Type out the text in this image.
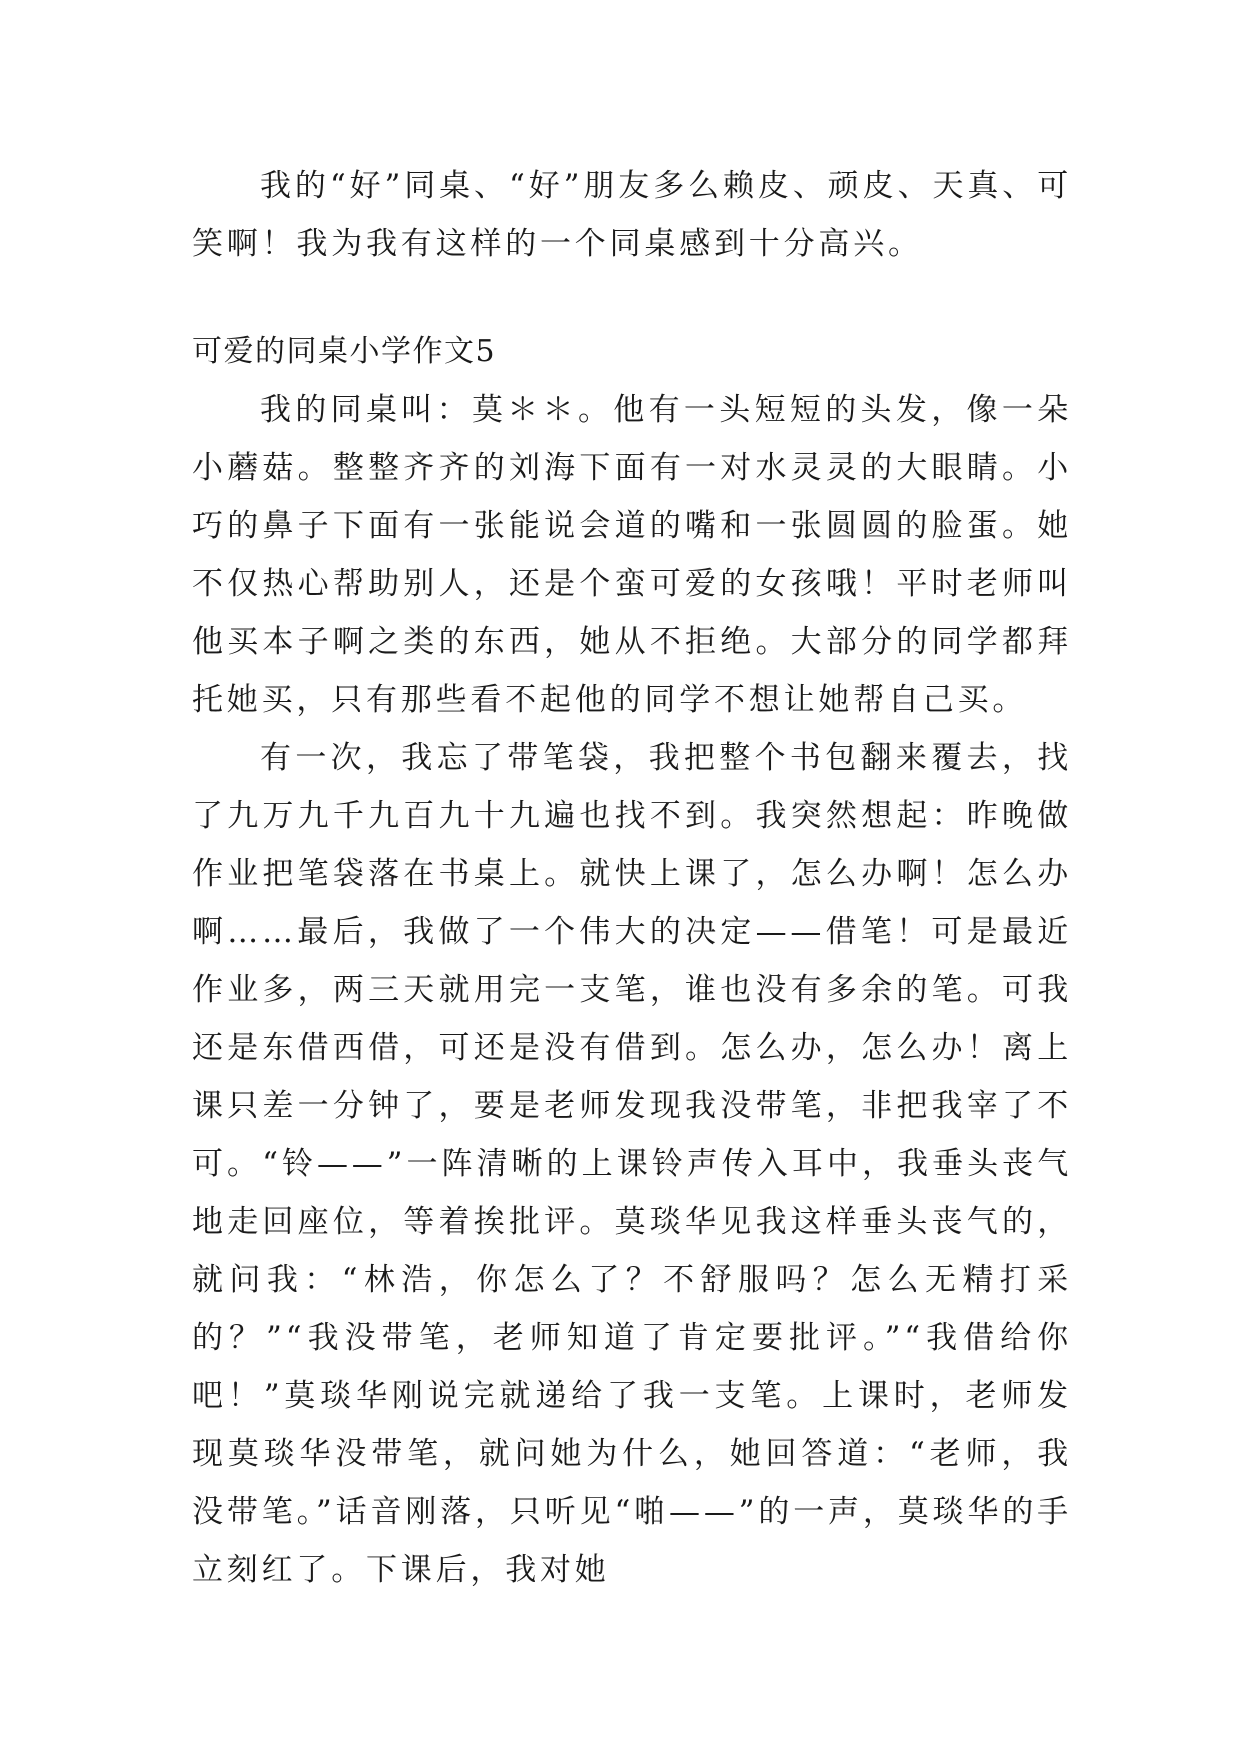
我的“好”同桌、“好”朋友多么赖皮、顽皮、天真、可笑啊！我为我有这样的一个同桌感到十分高兴。

可爱的同桌小学作文5

我的同桌叫：莫＊＊。他有一头短短的头发，像一朵小蘑菇。整整齐齐的刘海下面有一对水灵灵的大眼睛。小巧的鼻子下面有一张能说会道的嘴和一张圆圆的脸蛋。她不仅热心帮助别人，还是个蛮可爱的女孩哦！平时老师叫他买本子啊之类的东西，她从不拒绝。大部分的同学都拜托她买，只有那些看不起他的同学不想让她帮自己买。

有一次，我忘了带笔袋，我把整个书包翻来覆去，找了九万九千九百九十九遍也找不到。我突然想起：昨晚做作业把笔袋落在书桌上。就快上课了，怎么办啊！怎么办啊……最后，我做了一个伟大的决定——借笔！可是最近作业多，两三天就用完一支笔，谁也没有多余的笔。可我还是东借西借，可还是没有借到。怎么办，怎么办！离上课只差一分钟了，要是老师发现我没带笔，非把我宰了不可。“铃——”一阵清晰的上课铃声传入耳中，我垂头丧气地走回座位，等着挨批评。莫琰华见我这样垂头丧气的，就问我：“林浩，你怎么了？不舒服吗？怎么无精打采的？”“我没带笔，老师知道了肯定要批评。”“我借给你吧！”莫琰华刚说完就递给了我一支笔。上课时，老师发现莫琰华没带笔，就问她为什么，她回答道：“老师，我没带笔。”话音刚落，只听见“啪——”的一声，莫琰华的手立刻红了。下课后，我对她
